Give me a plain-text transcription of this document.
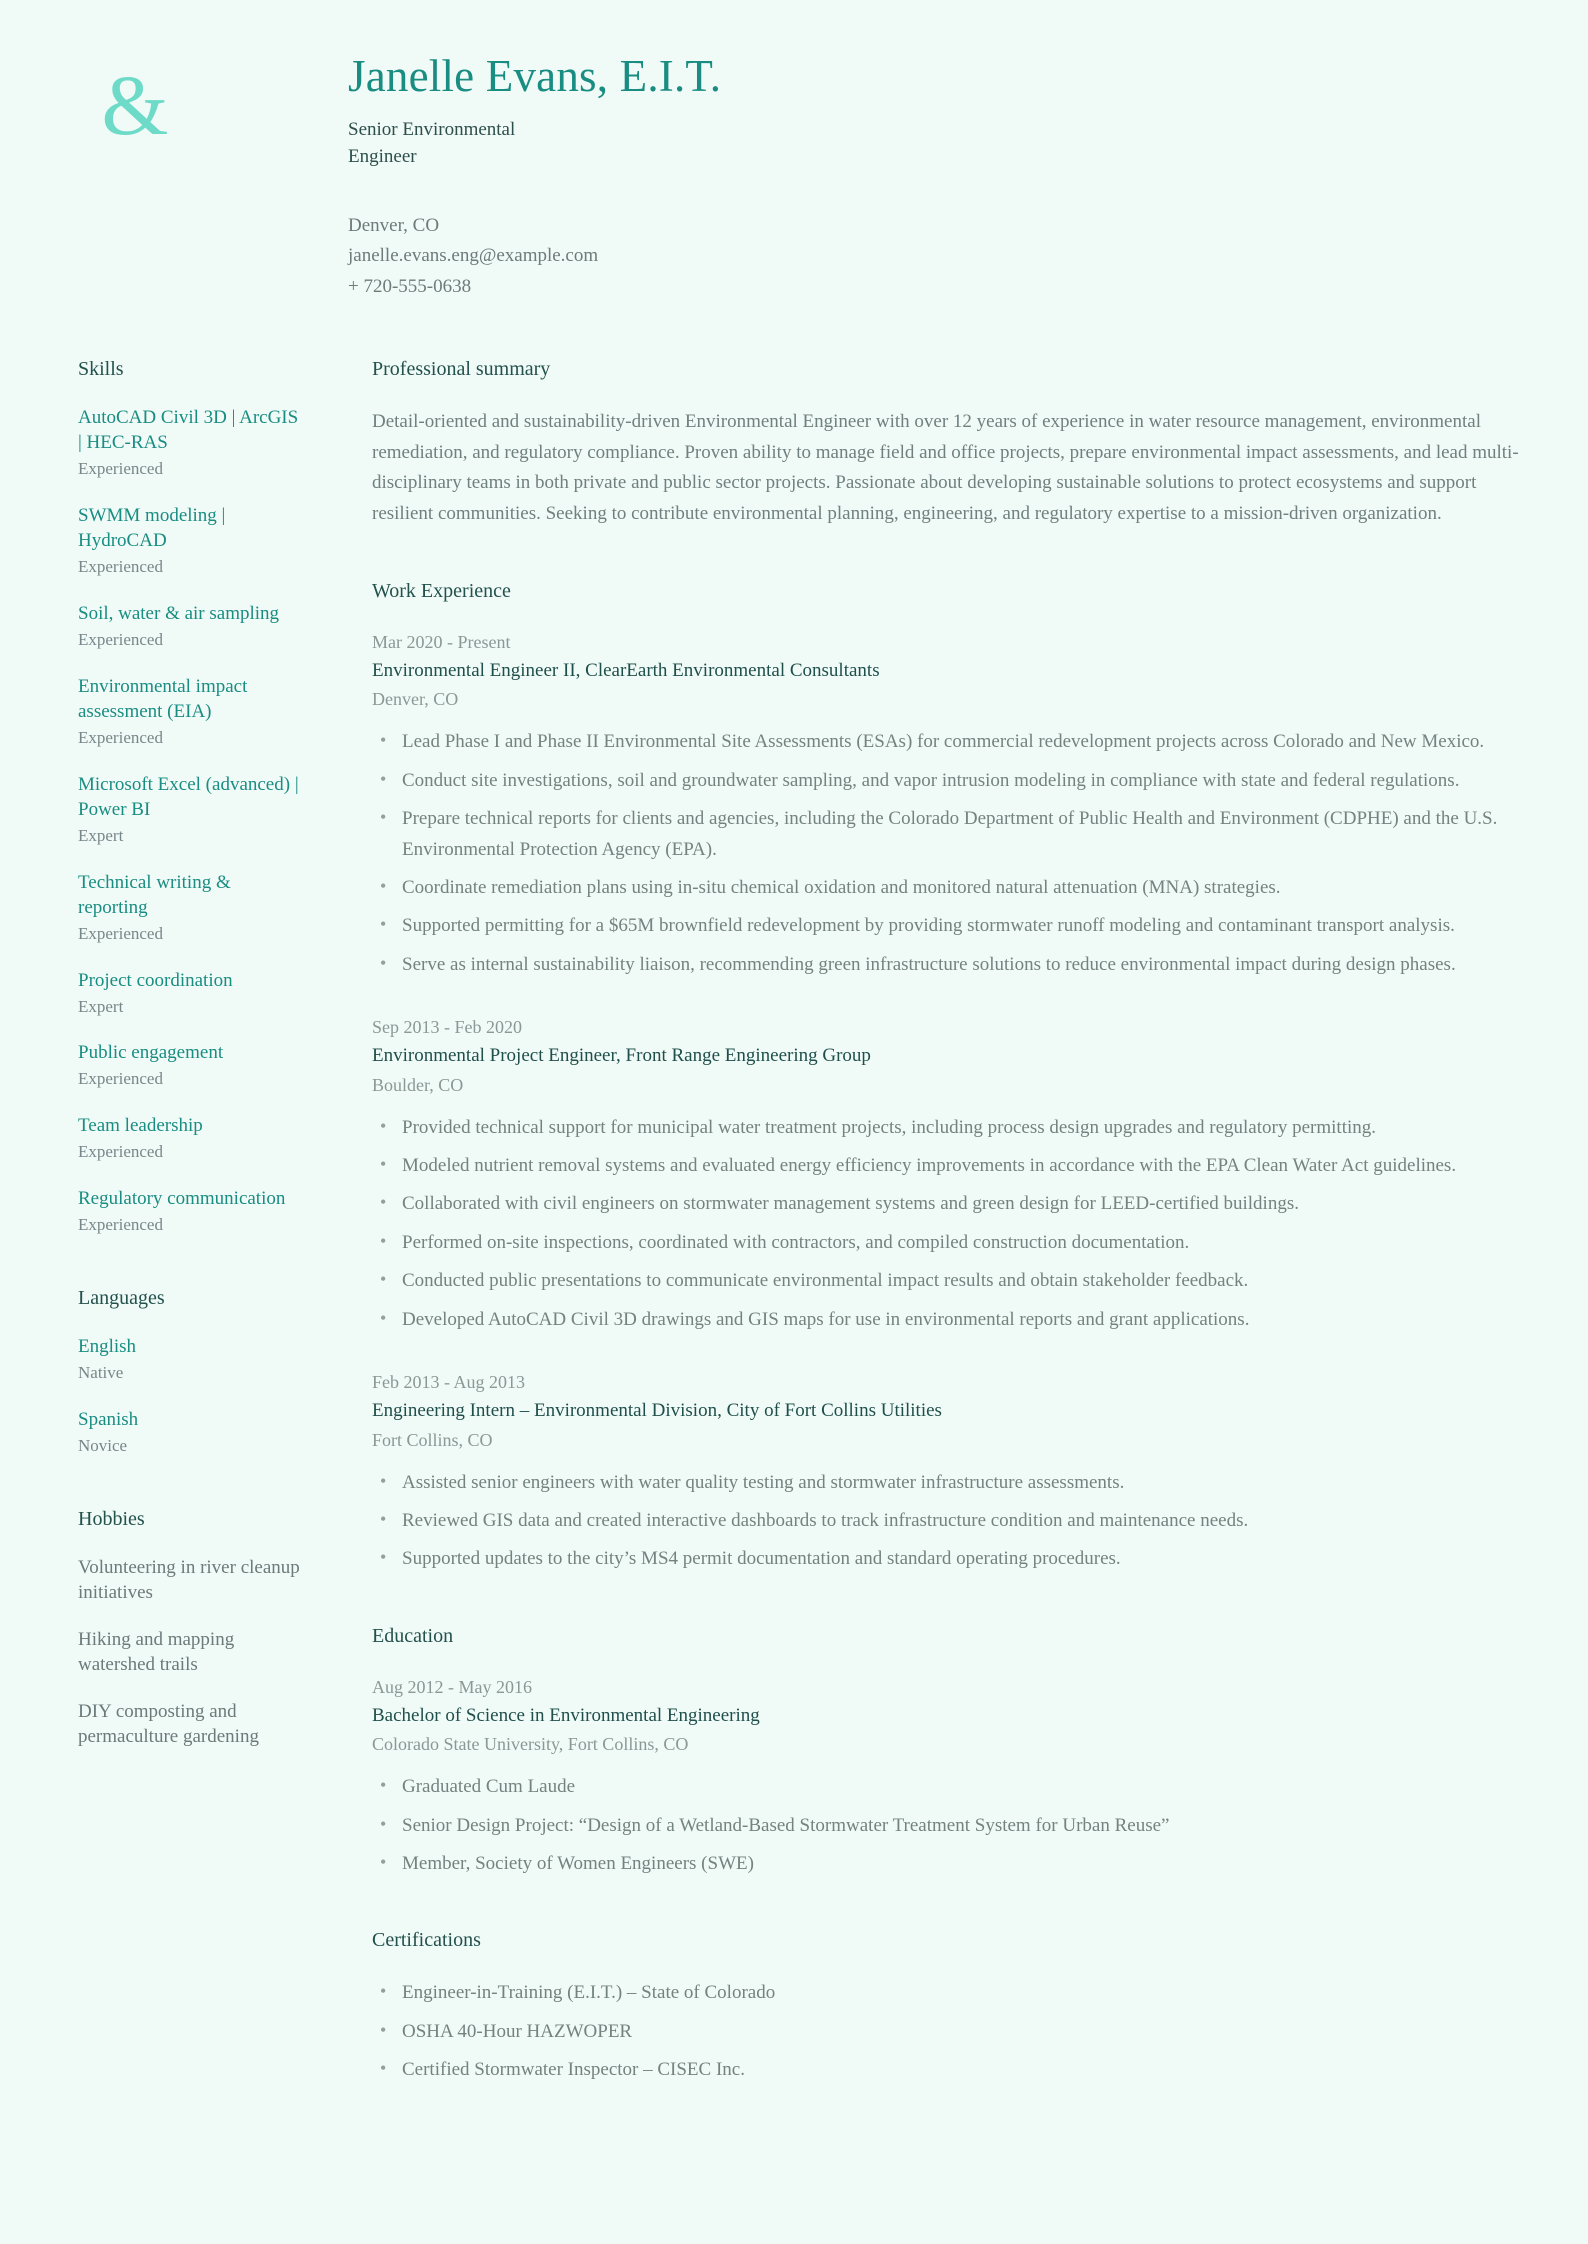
&	Janelle Evans, E.I.T.

Senior Environmental Engineer

Denver, CO
janelle.evans.eng@example.com
+ 720-555-0638
Skills
AutoCAD Civil 3D | ArcGIS | HEC-RAS
Experienced
SWMM modeling | HydroCAD
Experienced
Soil, water & air sampling
Experienced
Environmental impact assessment (EIA)
Experienced
Microsoft Excel (advanced) | Power BI
Expert
Technical writing & reporting
Experienced
Project coordination
Expert
Public engagement
Experienced
Team leadership
Experienced
Regulatory communication
Experienced
Languages
English
Native
Spanish
Novice
Hobbies
Volunteering in river cleanup initiatives
Hiking and mapping watershed trails
DIY composting and permaculture gardening
Professional summary

Detail-oriented and sustainability-driven Environmental Engineer with over 12 years of experience in water resource management, environmental remediation, and regulatory compliance. Proven ability to manage field and office projects, prepare environmental impact assessments, and lead multi-disciplinary teams in both private and public sector projects. Passionate about developing sustainable solutions to protect ecosystems and support resilient communities. Seeking to contribute environmental planning, engineering, and regulatory expertise to a mission-driven organization.

Work Experience
Mar 2020 - Present
Environmental Engineer II, ClearEarth Environmental Consultants
Denver, CO
• Lead Phase I and Phase II Environmental Site Assessments (ESAs) for commercial redevelopment projects across Colorado and New Mexico.
• Conduct site investigations, soil and groundwater sampling, and vapor intrusion modeling in compliance with state and federal regulations.
• Prepare technical reports for clients and agencies, including the Colorado Department of Public Health and Environment (CDPHE) and the U.S. Environmental Protection Agency (EPA).
• Coordinate remediation plans using in-situ chemical oxidation and monitored natural attenuation (MNA) strategies.
• Supported permitting for a $65M brownfield redevelopment by providing stormwater runoff modeling and contaminant transport analysis.
• Serve as internal sustainability liaison, recommending green infrastructure solutions to reduce environmental impact during design phases.
Sep 2013 - Feb 2020
Environmental Project Engineer, Front Range Engineering Group
Boulder, CO
• Provided technical support for municipal water treatment projects, including process design upgrades and regulatory permitting.
• Modeled nutrient removal systems and evaluated energy efficiency improvements in accordance with the EPA Clean Water Act guidelines.
• Collaborated with civil engineers on stormwater management systems and green design for LEED-certified buildings.
• Performed on-site inspections, coordinated with contractors, and compiled construction documentation.
• Conducted public presentations to communicate environmental impact results and obtain stakeholder feedback.
• Developed AutoCAD Civil 3D drawings and GIS maps for use in environmental reports and grant applications.
Feb 2013 - Aug 2013
Engineering Intern – Environmental Division, City of Fort Collins Utilities
Fort Collins, CO
• Assisted senior engineers with water quality testing and stormwater infrastructure assessments.
• Reviewed GIS data and created interactive dashboards to track infrastructure condition and maintenance needs.
• Supported updates to the city’s MS4 permit documentation and standard operating procedures.
Education
Aug 2012 - May 2016
Bachelor of Science in Environmental Engineering
Colorado State University, Fort Collins, CO
• Graduated Cum Laude
• Senior Design Project: “Design of a Wetland-Based Stormwater Treatment System for Urban Reuse”
• Member, Society of Women Engineers (SWE)
Certifications
• Engineer-in-Training (E.I.T.) – State of Colorado
• OSHA 40-Hour HAZWOPER
• Certified Stormwater Inspector – CISEC Inc.
